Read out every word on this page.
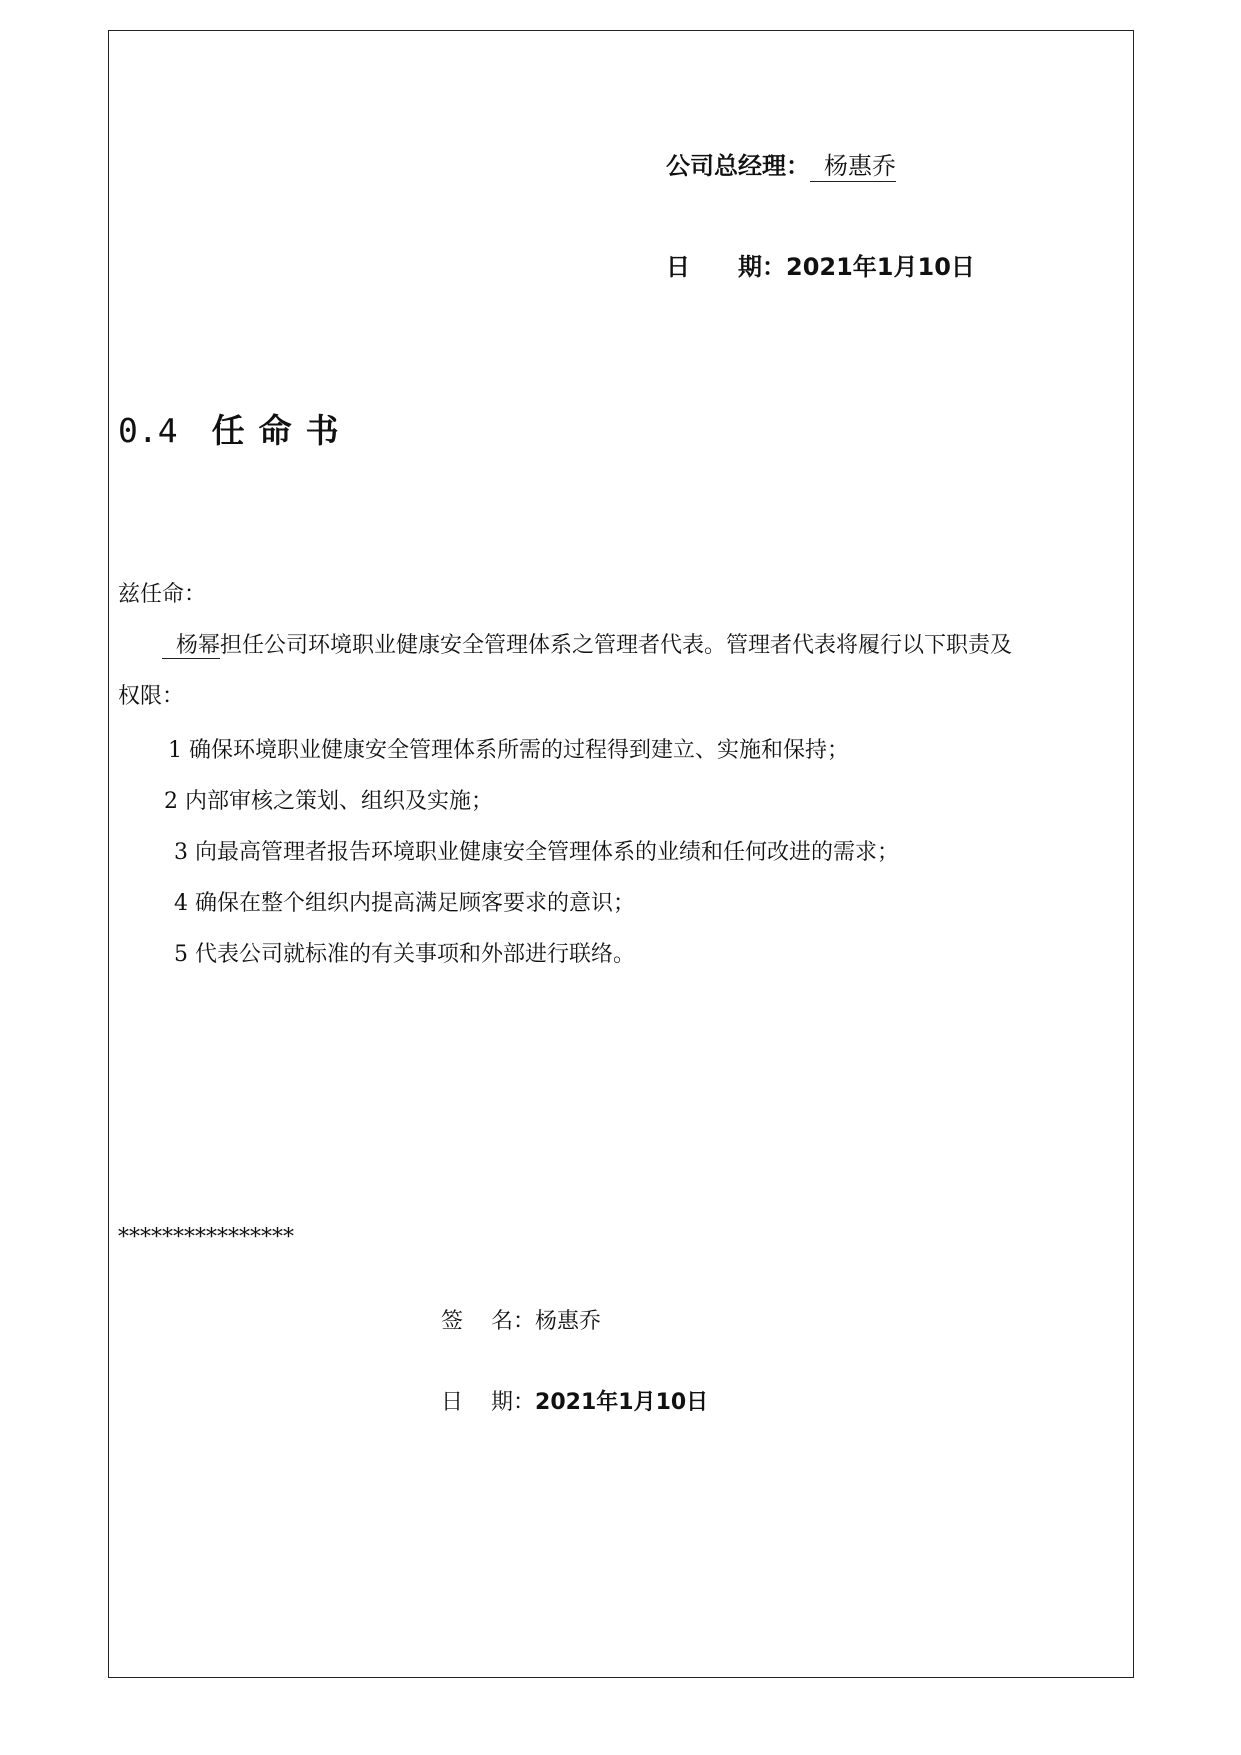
公司总经理： 杨惠乔
日 期：2021年1月10日
0.4 任命书
兹任命：
杨幂担任公司环境职业健康安全管理体系之管理者代表。管理者代表将履行以下职责及
权限：
1 确保环境职业健康安全管理体系所需的过程得到建立、实施和保持；
2 内部审核之策划、组织及实施；
3 向最高管理者报告环境职业健康安全管理体系的业绩和任何改进的需求；
4 确保在整个组织内提高满足顾客要求的意识；
5 代表公司就标准的有关事项和外部进行联络。
****************
签 名：杨惠乔
日 期：2021年1月10日
